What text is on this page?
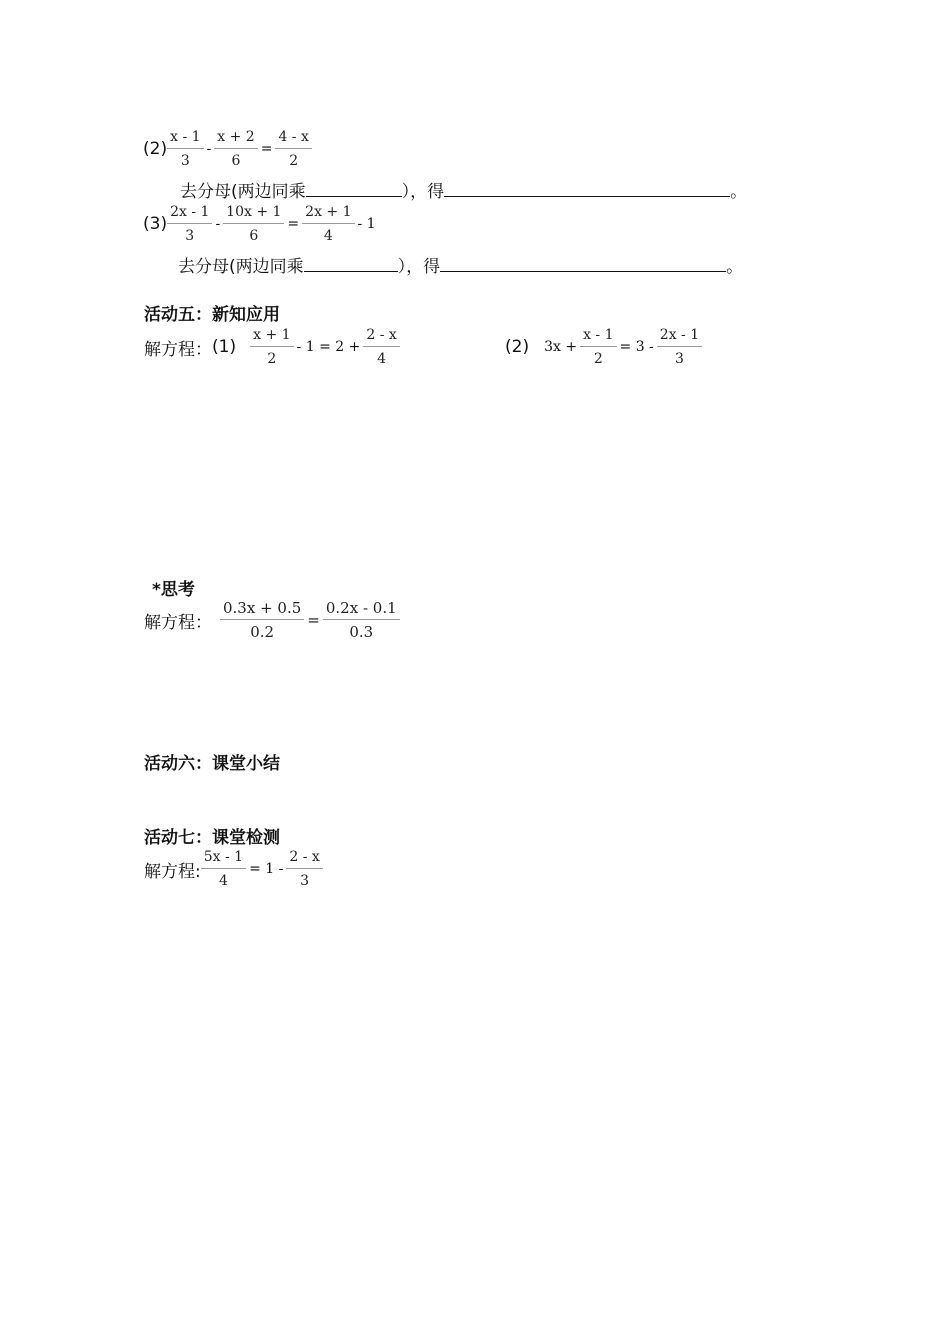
$(2) \frac{x - 1}{3} - \frac{x + 2}{6} = \frac{4 - x}{2}$
去分母(两边同乘	），得	。
$(3) \frac{2x - 1}{3} - \frac{10x + 1}{6} = \frac{2x + 1}{4} - 1$
去分母(两边同乘	），得	。
活动五：新知应用
解方程： $(1) \frac{x + 1}{2} - 1 = 2 + \frac{2 - x}{4}$	(2) $3x + \frac{x - 1}{2} = 3 - \frac{2x - 1}{3}$
*思考
解方程： $\frac{0.3x + 0.5}{0.2} = \frac{0.2x - 0.1}{0.3}$
活动六：课堂小结
活动七：课堂检测
解方程: $\frac{5x - 1}{4} = 1 - \frac{2 - x}{3}$
